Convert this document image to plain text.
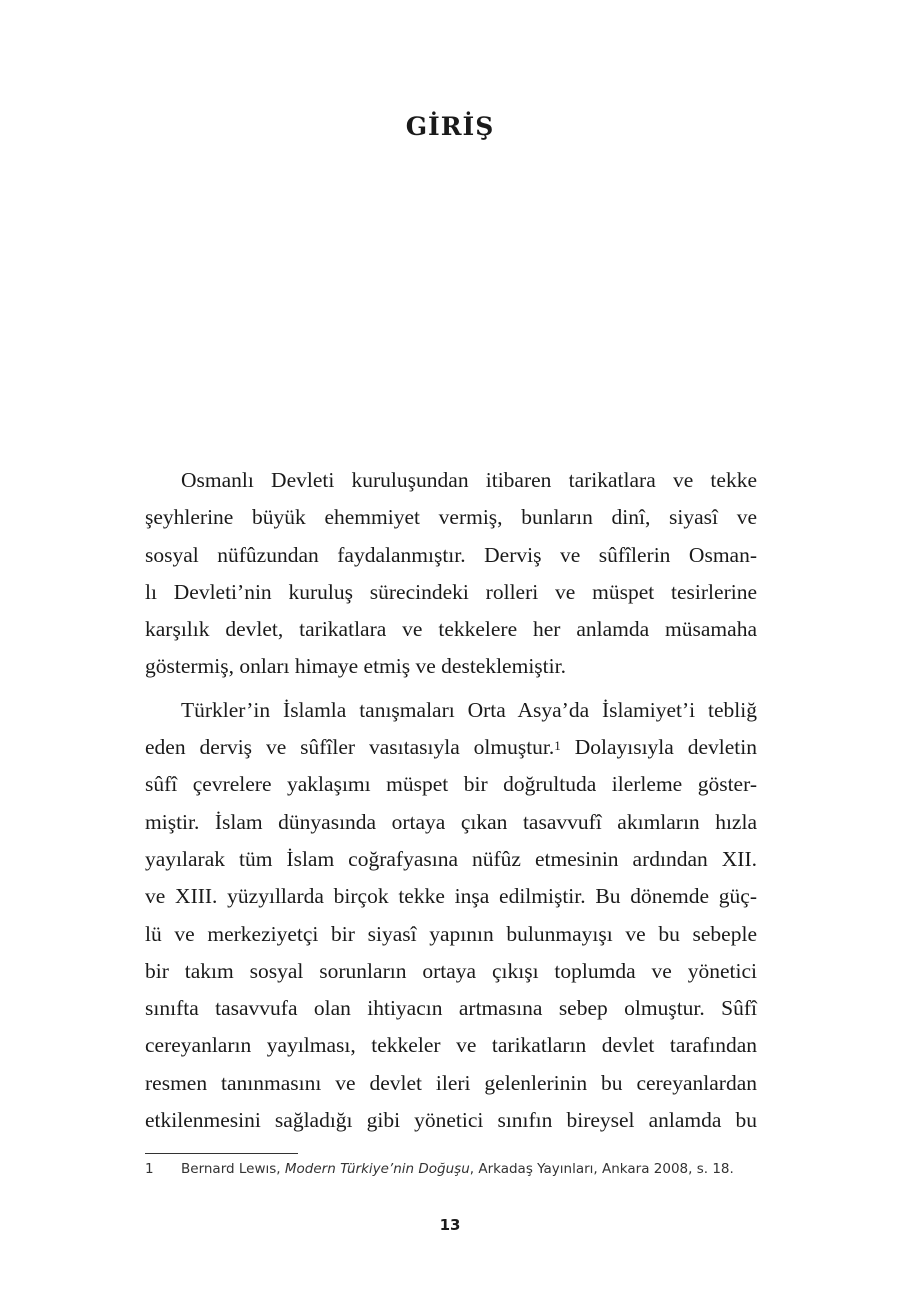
GİRİŞ
Osmanlı Devleti kuruluşundan itibaren tarikatlara ve tekke
şeyhlerine büyük ehemmiyet vermiş, bunların dinî, siyasî ve
sosyal nüfûzundan faydalanmıştır. Derviş ve sûfîlerin Osman-
lı Devleti’nin kuruluş sürecindeki rolleri ve müspet tesirlerine
karşılık devlet, tarikatlara ve tekkelere her anlamda müsamaha
göstermiş, onları himaye etmiş ve desteklemiştir.
Türkler’in İslamla tanışmaları Orta Asya’da İslamiyet’i tebliğ
eden derviş ve sûfîler vasıtasıyla olmuştur.$^1$ Dolayısıyla devletin
sûfî çevrelere yaklaşımı müspet bir doğrultuda ilerleme göster-
miştir. İslam dünyasında ortaya çıkan tasavvufî akımların hızla
yayılarak tüm İslam coğrafyasına nüfûz etmesinin ardından XII.
ve XIII. yüzyıllarda birçok tekke inşa edilmiştir. Bu dönemde güç-
lü ve merkeziyetçi bir siyasî yapının bulunmayışı ve bu sebeple
bir takım sosyal sorunların ortaya çıkışı toplumda ve yönetici
sınıfta tasavvufa olan ihtiyacın artmasına sebep olmuştur. Sûfî
cereyanların yayılması, tekkeler ve tarikatların devlet tarafından
resmen tanınmasını ve devlet ileri gelenlerinin bu cereyanlardan
etkilenmesini sağladığı gibi yönetici sınıfın bireysel anlamda bu
1 Bernard Lewıs, Modern Türkiye’nin Doğuşu, Arkadaş Yayınları, Ankara 2008, s. 18.
13
